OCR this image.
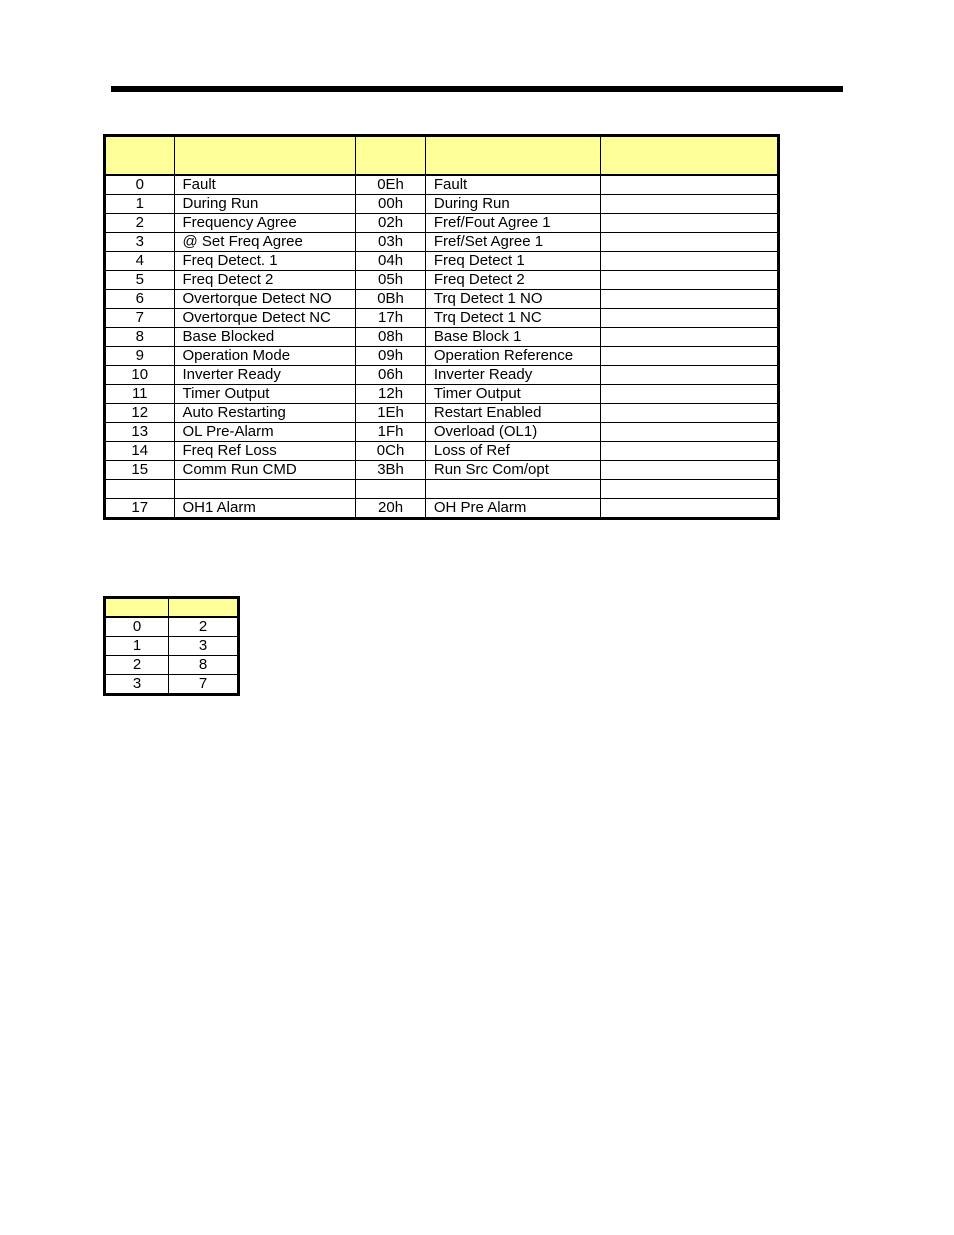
0	Fault	0Eh	Fault	
1	During Run	00h	During Run	
2	Frequency Agree	02h	Fref/Fout Agree 1	
3	@ Set Freq Agree	03h	Fref/Set Agree 1	
4	Freq Detect. 1	04h	Freq Detect 1	
5	Freq Detect 2	05h	Freq Detect 2	
6	Overtorque Detect NO	0Bh	Trq Detect 1 NO	
7	Overtorque Detect NC	17h	Trq Detect 1 NC	
8	Base Blocked	08h	Base Block 1	
9	Operation Mode	09h	Operation Reference	
10	Inverter Ready	06h	Inverter Ready	
11	Timer Output	12h	Timer Output	
12	Auto Restarting	1Eh	Restart Enabled	
13	OL Pre-Alarm	1Fh	Overload (OL1)	
14	Freq Ref Loss	0Ch	Loss of Ref	
15	Comm Run CMD	3Bh	Run Src Com/opt	

17	OH1 Alarm	20h	OH Pre Alarm	

0	2
1	3
2	8
3	7
